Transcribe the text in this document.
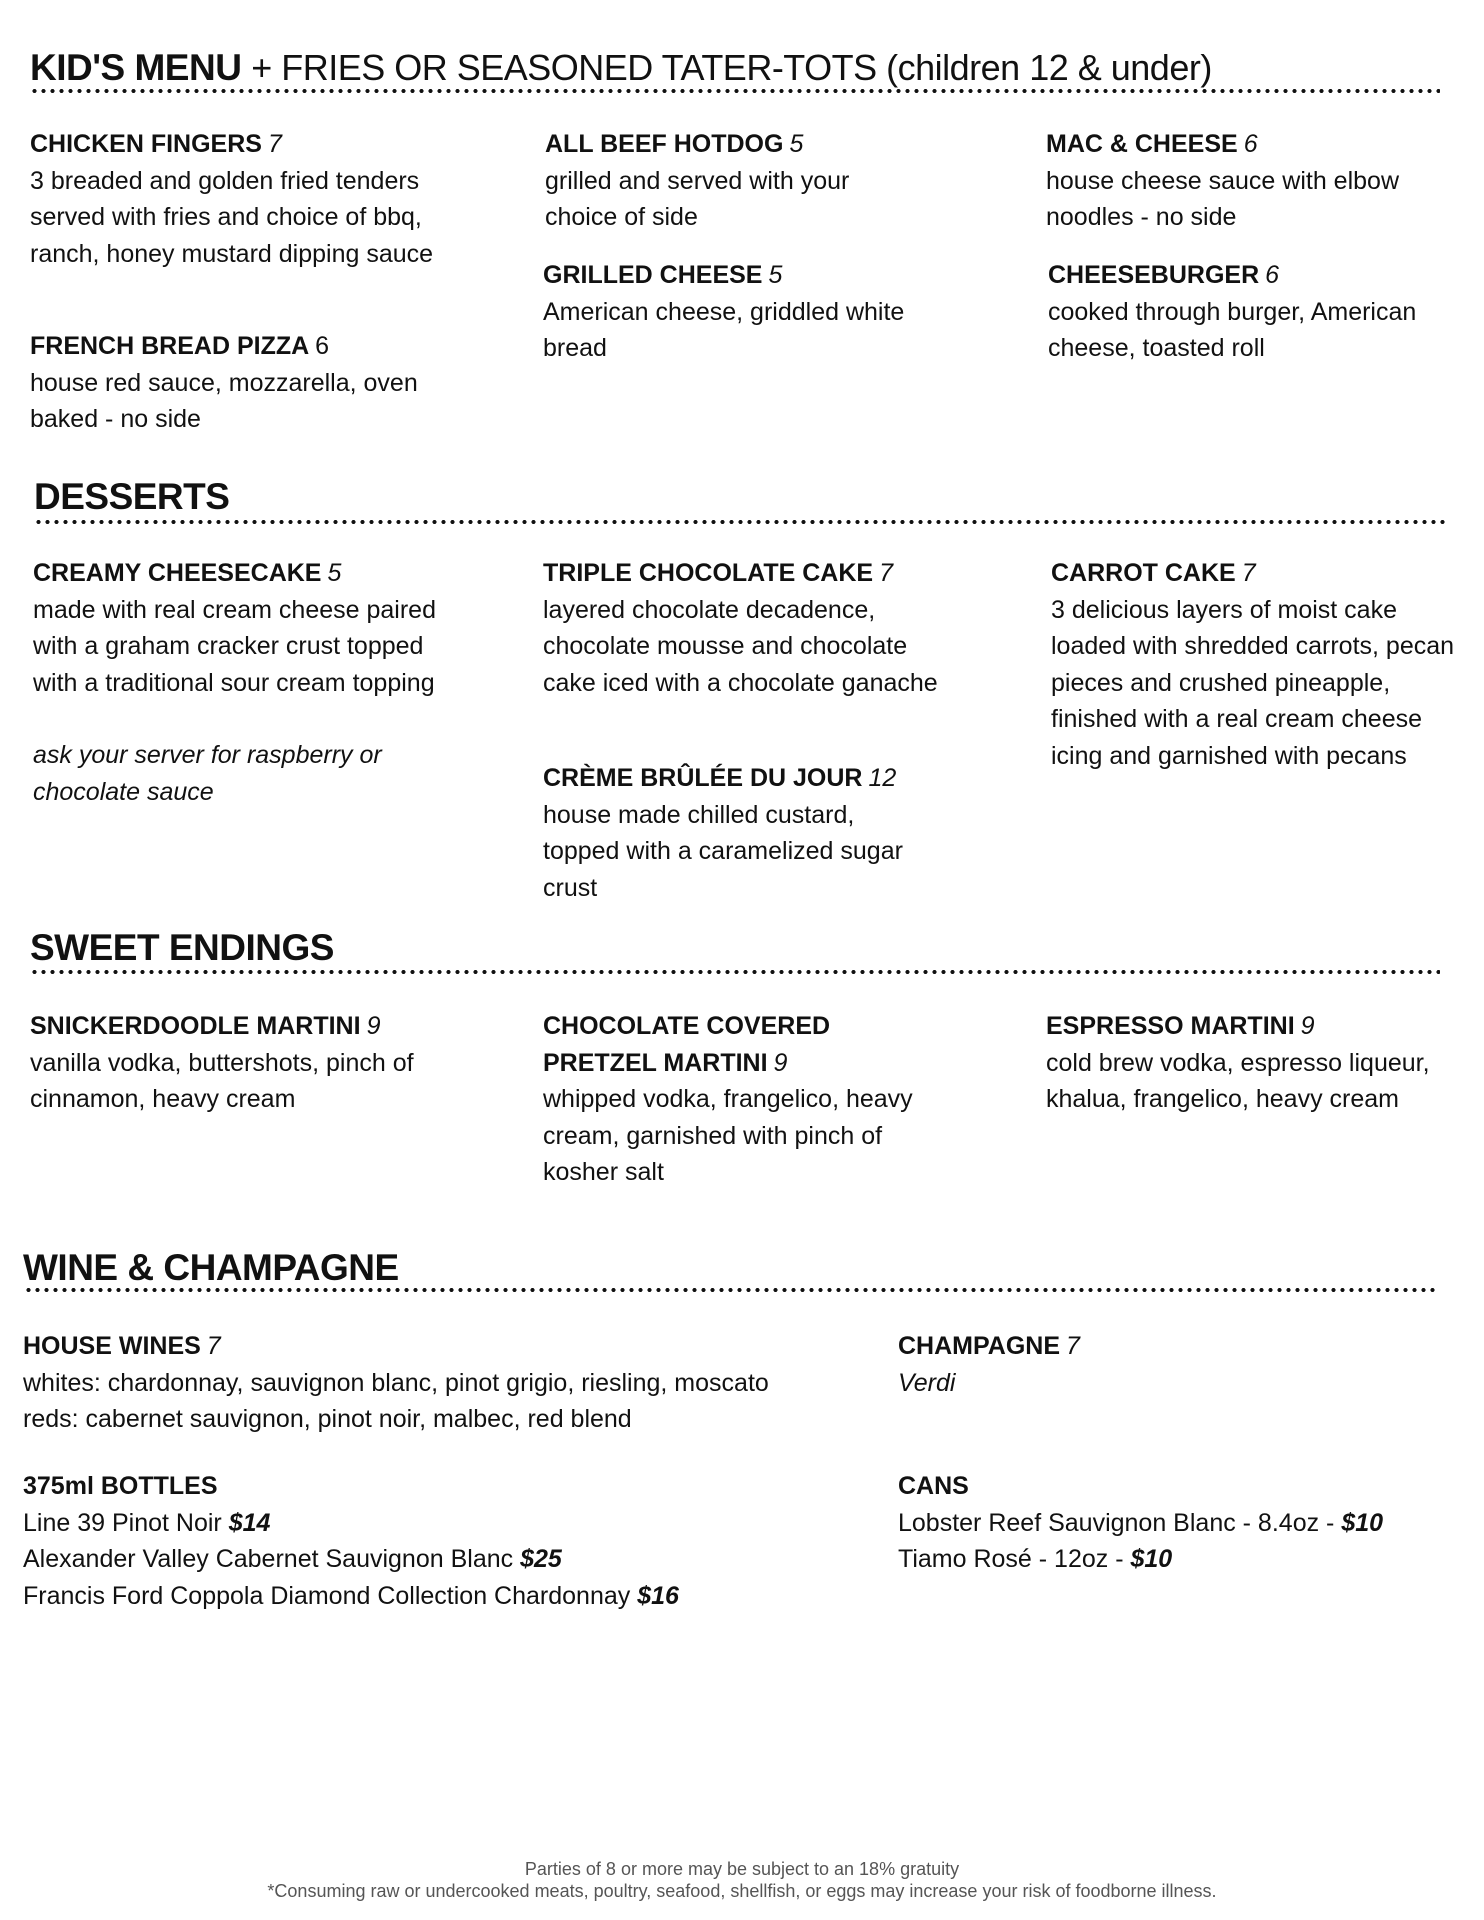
KID'S MENU + FRIES OR SEASONED TATER-TOTS (children 12 & under)
CHICKEN FINGERS 7
3 breaded and golden fried tenders served with fries and choice of bbq, ranch, honey mustard dipping sauce
FRENCH BREAD PIZZA 6
house red sauce, mozzarella, oven baked - no side
ALL BEEF HOTDOG 5
grilled and served with your choice of side
GRILLED CHEESE 5
American cheese, griddled white bread
MAC & CHEESE 6
house cheese sauce with elbow noodles - no side
CHEESEBURGER 6
cooked through burger, American cheese, toasted roll
DESSERTS
CREAMY CHEESECAKE 5
made with real cream cheese paired with a graham cracker crust topped with a traditional sour cream topping
ask your server for raspberry or chocolate sauce
TRIPLE CHOCOLATE CAKE 7
layered chocolate decadence, chocolate mousse and chocolate cake iced with a chocolate ganache
CRÈME BRÛLÉE DU JOUR 12
house made chilled custard, topped with a caramelized sugar crust
CARROT CAKE 7
3 delicious layers of moist cake loaded with shredded carrots, pecan pieces and crushed pineapple, finished with a real cream cheese icing and garnished with pecans
SWEET ENDINGS
SNICKERDOODLE MARTINI 9
vanilla vodka, buttershots, pinch of cinnamon, heavy cream
CHOCOLATE COVERED
PRETZEL MARTINI 9
whipped vodka, frangelico, heavy cream, garnished with pinch of kosher salt
ESPRESSO MARTINI 9
cold brew vodka, espresso liqueur, khalua, frangelico, heavy cream
WINE & CHAMPAGNE
HOUSE WINES 7
whites: chardonnay, sauvignon blanc, pinot grigio, riesling, moscato
reds: cabernet sauvignon, pinot noir, malbec, red blend
CHAMPAGNE 7
Verdi
375ml BOTTLES
Line 39 Pinot Noir $14
Alexander Valley Cabernet Sauvignon Blanc $25
Francis Ford Coppola Diamond Collection Chardonnay $16
CANS
Lobster Reef Sauvignon Blanc - 8.4oz - $10
Tiamo Rosé - 12oz - $10
Parties of 8 or more may be subject to an 18% gratuity
*Consuming raw or undercooked meats, poultry, seafood, shellfish, or eggs may increase your risk of foodborne illness.
